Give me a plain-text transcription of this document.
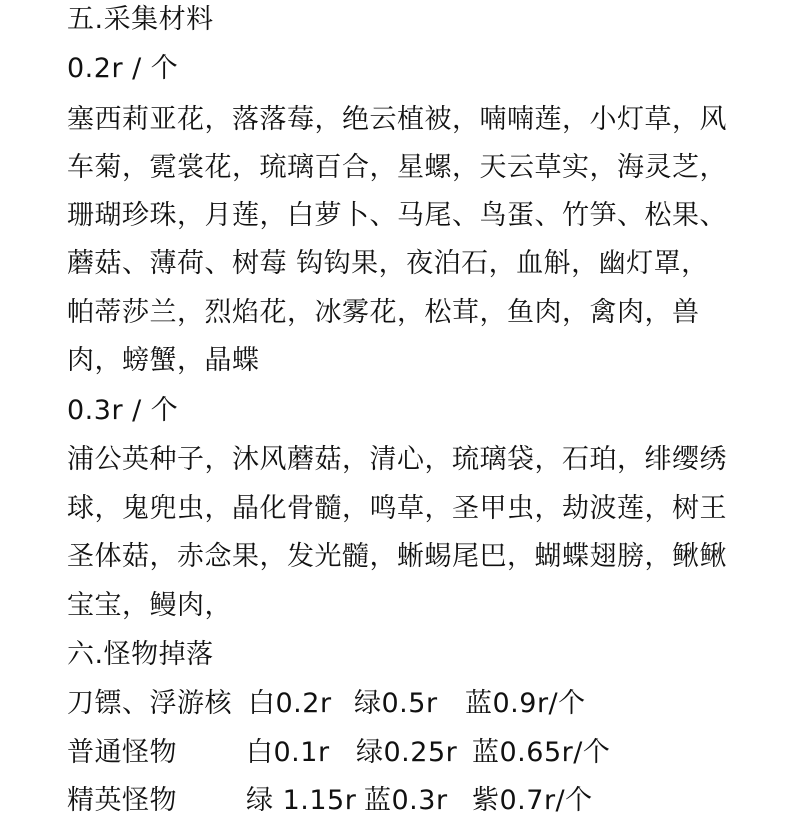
五.采集材料
0.2r / 个
塞西莉亚花，落落莓，绝云植被，喃喃莲，小灯草，风
车菊，霓裳花，琉璃百合，星螺，天云草实，海灵芝，
珊瑚珍珠，月莲，白萝卜、马尾、鸟蛋、竹笋、松果、
蘑菇、薄荷、树莓 钩钩果，夜泊石，血斛，幽灯罩，
帕蒂莎兰，烈焰花，冰雾花，松茸，鱼肉，禽肉，兽
肉，螃蟹，晶蝶
0.3r / 个
浦公英种子，沐风蘑菇，清心，琉璃袋，石珀，绯缨绣
球，鬼兜虫，晶化骨髓，鸣草，圣甲虫，劫波莲，树王
圣体菇，赤念果，发光髓，蜥蜴尾巴，蝴蝶翅膀，鳅鳅
宝宝，鳗肉，
六.怪物掉落
刀镖、浮游核 白0.2r 绿0.5r 蓝0.9r/个
普通怪物	白0.1r 绿0.25r 蓝0.65r/个
精英怪物	绿 1.15r 蓝0.3r 紫0.7r/个
